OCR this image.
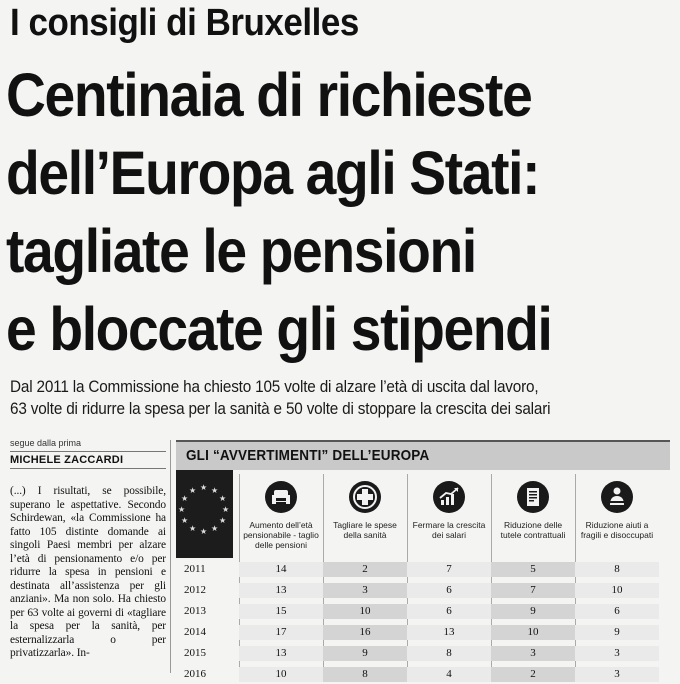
I consigli di Bruxelles
Centinaia di richieste
dell’Europa agli Stati:
tagliate le pensioni
e bloccate gli stipendi
Dal 2011 la Commissione ha chiesto 105 volte di alzare l’età di uscita dal lavoro,
63 volte di ridurre la spesa per la sanità e 50 volte di stoppare la crescita dei salari
segue dalla prima
MICHELE ZACCARDI
(...) I risultati, se possibile, superano le aspettative. Secondo Schirdewan, «la Commissione ha fatto 105 distinte domande ai singoli Paesi membri per alzare l’età di pensionamento e/o per ridurre la spesa in pensioni e destinata all’assistenza per gli anziani». Ma non solo. Ha chiesto per 63 volte ai governi di «tagliare la spesa per la sanità, per esternalizzarla o per privatizzarla». In-
GLI “AVVERTIMENTI” DELL’EUROPA
★ ★
★
★
★
★
★
★
★
★
★
★
Aumento dell’età pensionabile - taglio delle pensioni
Tagliare le spese della sanità
Fermare la crescita dei salari
Riduzione delle tutele contrattuali
Riduzione aiuti a fragili e disoccupati
2011	14	2	7	5	8
2012	13	3	6	7	10
2013	15	10	6	9	6
2014	17	16	13	10	9
2015	13	9	8	3	3
2016	10	8	4	2	3
